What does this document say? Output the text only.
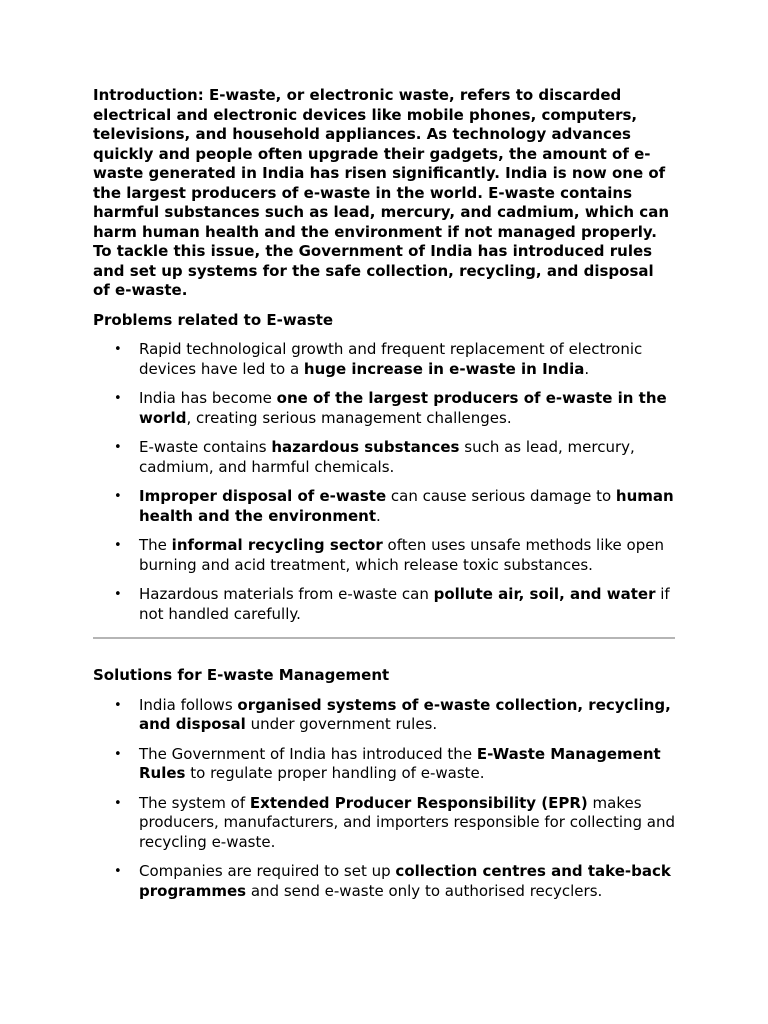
Introduction: E-waste, or electronic waste, refers to discarded electrical and electronic devices like mobile phones, computers, televisions, and household appliances. As technology advances quickly and people often upgrade their gadgets, the amount of e-waste generated in India has risen significantly. India is now one of the largest producers of e-waste in the world. E-waste contains harmful substances such as lead, mercury, and cadmium, which can harm human health and the environment if not managed properly. To tackle this issue, the Government of India has introduced rules and set up systems for the safe collection, recycling, and disposal of e-waste.

Problems related to E-waste
• Rapid technological growth and frequent replacement of electronic devices have led to a huge increase in e-waste in India.
• India has become one of the largest producers of e-waste in the world, creating serious management challenges.
• E-waste contains hazardous substances such as lead, mercury, cadmium, and harmful chemicals.
• Improper disposal of e-waste can cause serious damage to human health and the environment.
• The informal recycling sector often uses unsafe methods like open burning and acid treatment, which release toxic substances.
• Hazardous materials from e-waste can pollute air, soil, and water if not handled carefully.
Solutions for E-waste Management
• India follows organised systems of e-waste collection, recycling, and disposal under government rules.
• The Government of India has introduced the E-Waste Management Rules to regulate proper handling of e-waste.
• The system of Extended Producer Responsibility (EPR) makes producers, manufacturers, and importers responsible for collecting and recycling e-waste.
• Companies are required to set up collection centres and take-back programmes and send e-waste only to authorised recyclers.
